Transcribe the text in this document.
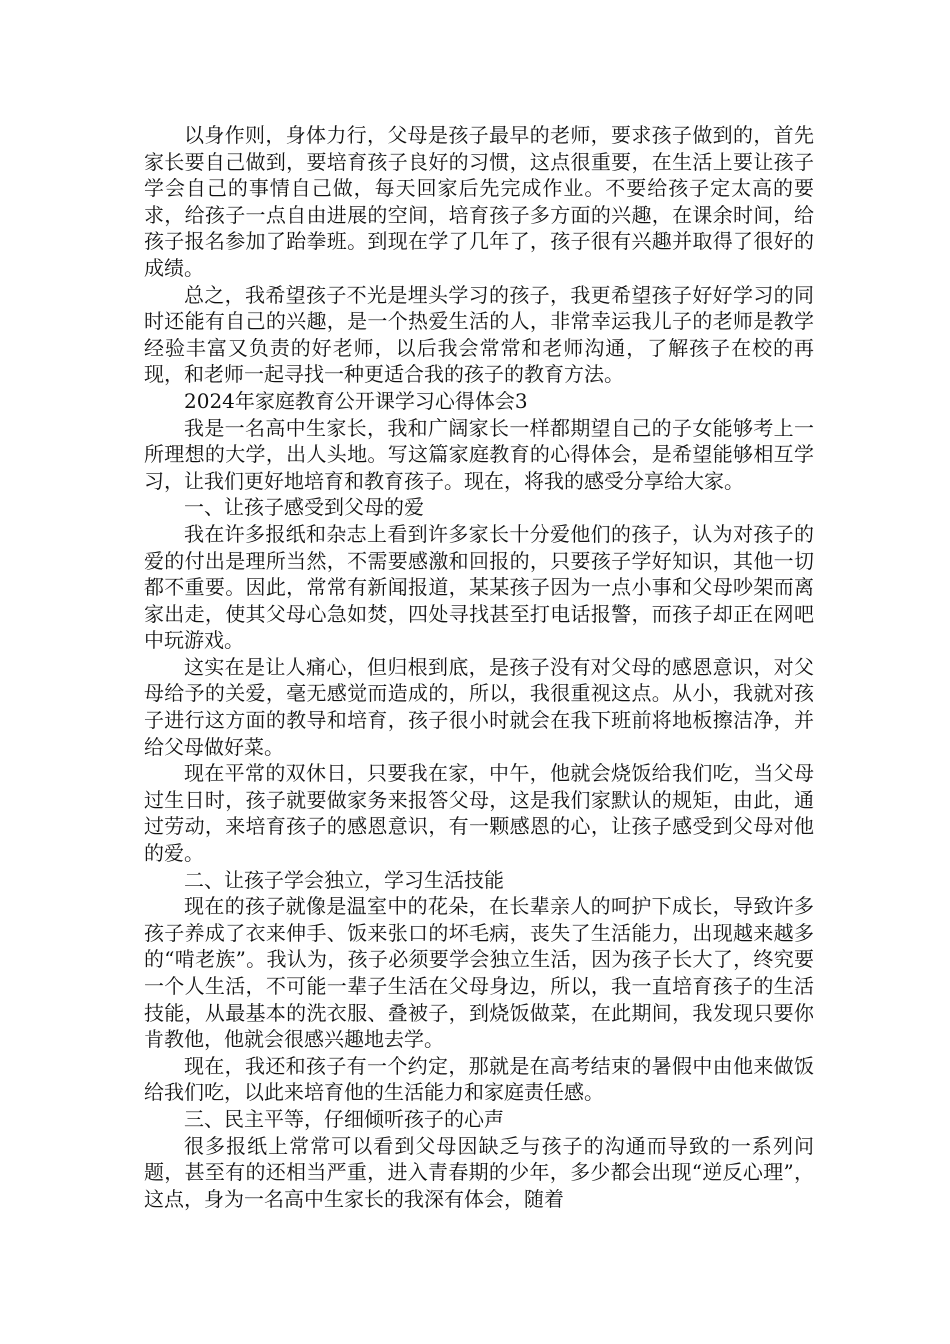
以身作则，身体力行，父母是孩子最早的老师，要求孩子做到的，首先家长要自己做到，要培育孩子良好的习惯，这点很重要，在生活上要让孩子学会自己的事情自己做，每天回家后先完成作业。不要给孩子定太高的要求，给孩子一点自由进展的空间，培育孩子多方面的兴趣，在课余时间，给孩子报名参加了跆拳班。到现在学了几年了，孩子很有兴趣并取得了很好的成绩。

总之，我希望孩子不光是埋头学习的孩子，我更希望孩子好好学习的同时还能有自己的兴趣，是一个热爱生活的人，非常幸运我儿子的老师是教学经验丰富又负责的好老师，以后我会常常和老师沟通，了解孩子在校的再现，和老师一起寻找一种更适合我的孩子的教育方法。

2024年家庭教育公开课学习心得体会3

我是一名高中生家长，我和广阔家长一样都期望自己的子女能够考上一所理想的大学，出人头地。写这篇家庭教育的心得体会，是希望能够相互学习，让我们更好地培育和教育孩子。现在，将我的感受分享给大家。

一、让孩子感受到父母的爱

我在许多报纸和杂志上看到许多家长十分爱他们的孩子，认为对孩子的爱的付出是理所当然，不需要感激和回报的，只要孩子学好知识，其他一切都不重要。因此，常常有新闻报道，某某孩子因为一点小事和父母吵架而离家出走，使其父母心急如焚，四处寻找甚至打电话报警，而孩子却正在网吧中玩游戏。

这实在是让人痛心，但归根到底，是孩子没有对父母的感恩意识，对父母给予的关爱，毫无感觉而造成的，所以，我很重视这点。从小，我就对孩子进行这方面的教导和培育，孩子很小时就会在我下班前将地板擦洁净，并给父母做好菜。

现在平常的双休日，只要我在家，中午，他就会烧饭给我们吃，当父母过生日时，孩子就要做家务来报答父母，这是我们家默认的规矩，由此，通过劳动，来培育孩子的感恩意识，有一颗感恩的心，让孩子感受到父母对他的爱。

二、让孩子学会独立，学习生活技能

现在的孩子就像是温室中的花朵，在长辈亲人的呵护下成长，导致许多孩子养成了衣来伸手、饭来张口的坏毛病，丧失了生活能力，出现越来越多的“啃老族”。我认为，孩子必须要学会独立生活，因为孩子长大了，终究要一个人生活，不可能一辈子生活在父母身边，所以，我一直培育孩子的生活技能，从最基本的洗衣服、叠被子，到烧饭做菜，在此期间，我发现只要你肯教他，他就会很感兴趣地去学。

现在，我还和孩子有一个约定，那就是在高考结束的暑假中由他来做饭给我们吃，以此来培育他的生活能力和家庭责任感。

三、民主平等，仔细倾听孩子的心声

很多报纸上常常可以看到父母因缺乏与孩子的沟通而导致的一系列问题，甚至有的还相当严重，进入青春期的少年，多少都会出现“逆反心理”，这点，身为一名高中生家长的我深有体会，随着
